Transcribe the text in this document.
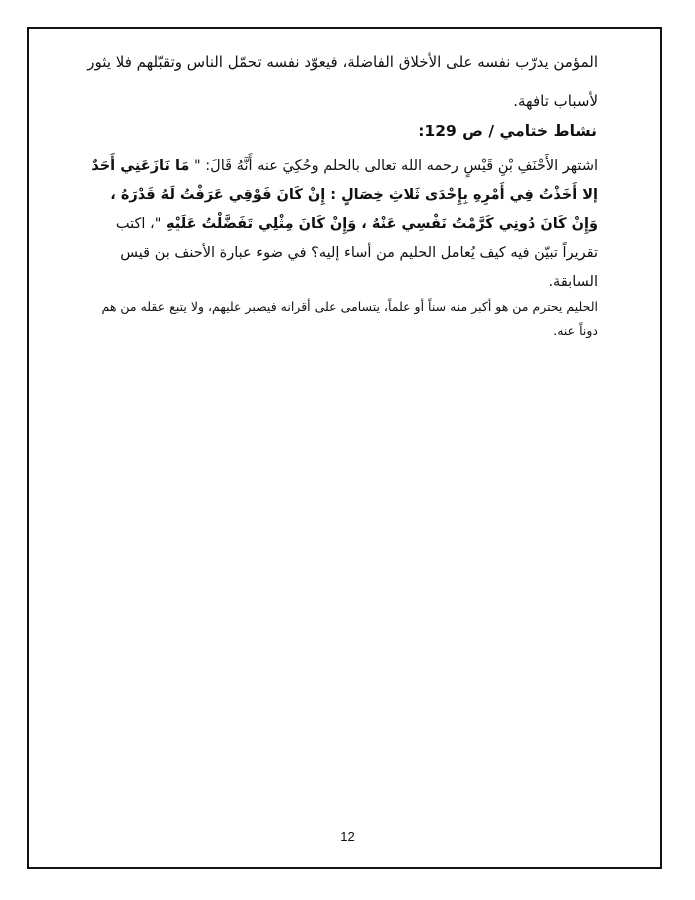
المؤمن يدرّب نفسه على الأخلاق الفاضلة، فيعوّد نفسه تحمّل الناس وتقبّلهم فلا يثور لأسباب تافهة.
نشاط ختامي / ص 129:
اشتهر الأَحْنَفِ بْنِ قَيْسٍ رحمه الله تعالى بالحلم وحُكِيَ عنه أَنَّهُ قَالَ: " مَا نَازَعَنِي أَحَدٌ إلا أَخَذْتُ فِي أَمْرِهِ بِإِحْدَى ثَلاثِ خِصَالٍ : إِنْ كَانَ فَوْقِي عَرَفْتُ لَهُ قَدْرَهُ ، وَإِنْ كَانَ دُونِي كَرَّمْتُ نَفْسِي عَنْهُ ، وَإِنْ كَانَ مِثْلِي تَفَضَّلْتُ عَلَيْهِ "، اكتب تقريراً تبيّن فيه كيف يُعامل الحليم من أساء إليه؟ في ضوء عبارة الأحنف بن قيس السابقة.
الحليم يحترم من هو أكبر منه سناً أو علماً، يتسامى على أقرانه فيصبر عليهم، ولا يتبع عقله من هم دوناً عنه.
12
